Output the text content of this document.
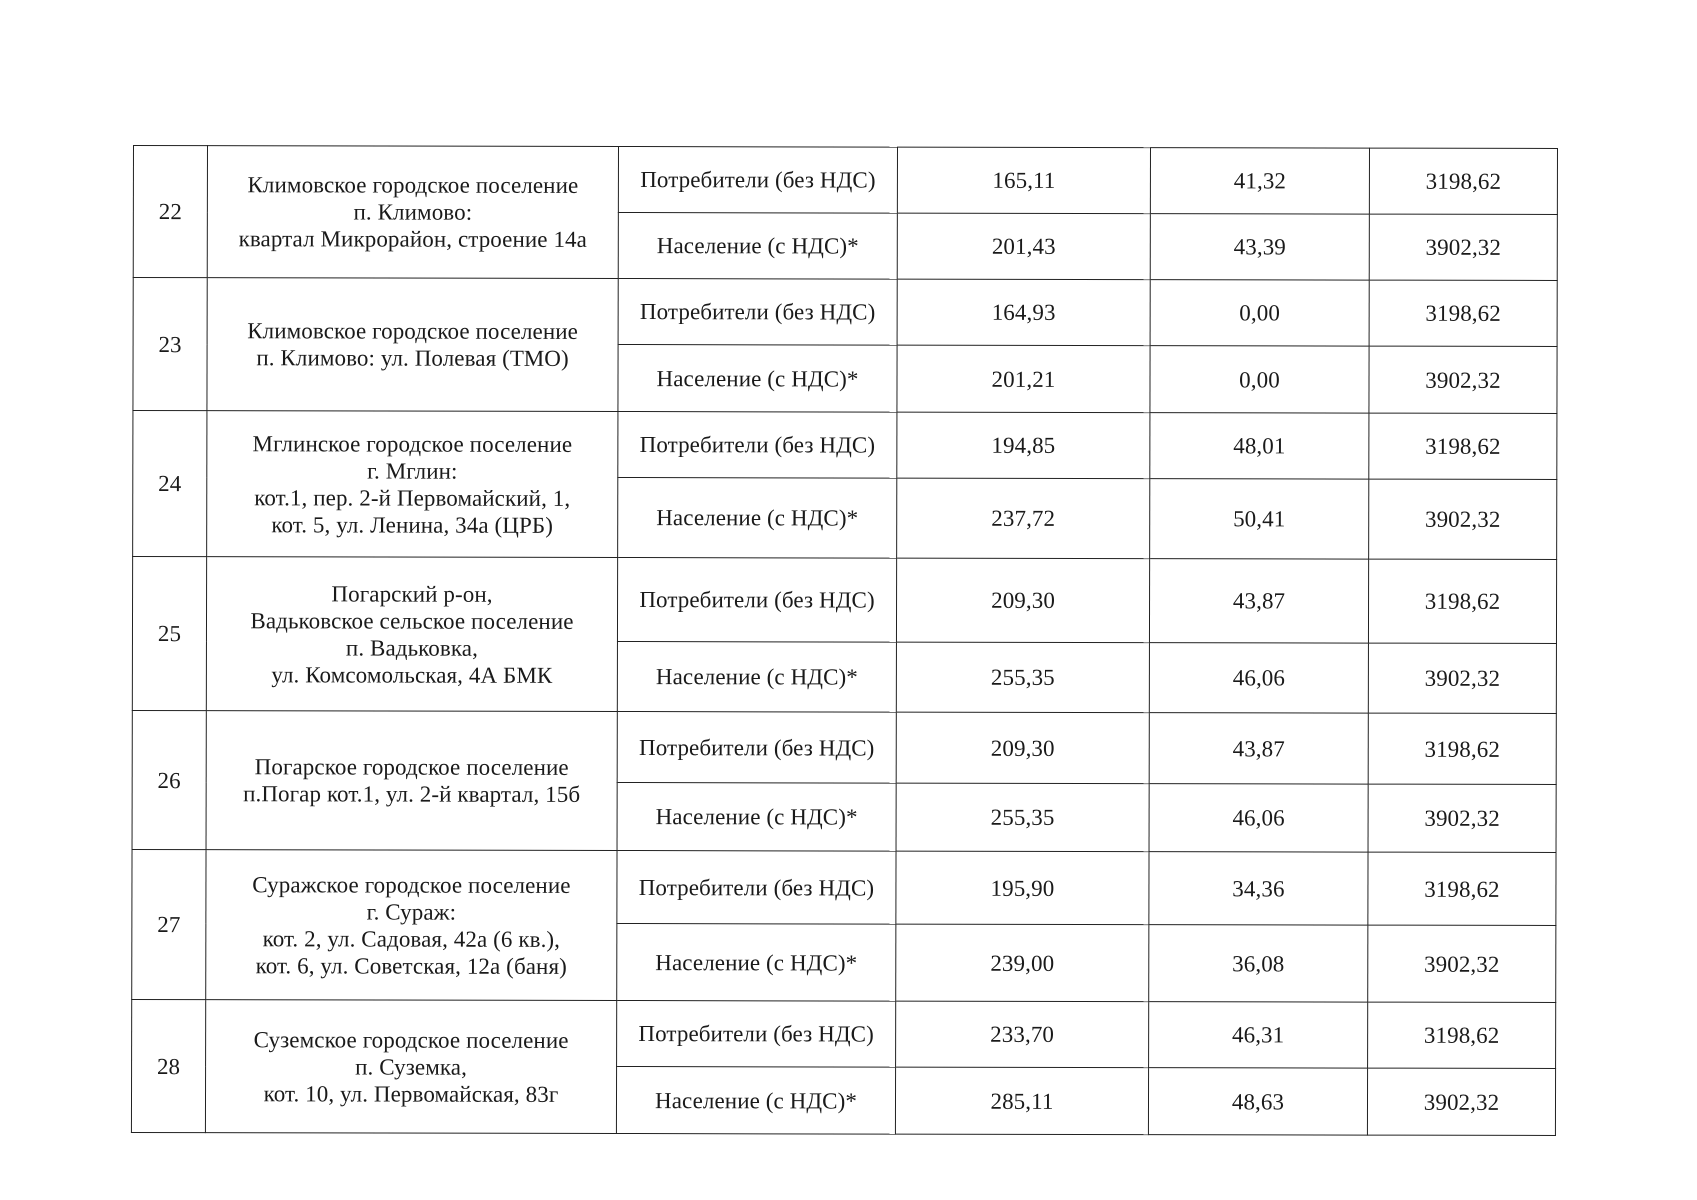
22	Климовское городское поселение
п. Климово:
квартал Микрорайон, строение 14а	Потребители (без НДС)	165,11	41,32	3198,62
		Население (с НДС)*	201,43	43,39	3902,32
23	Климовское городское поселение
п. Климово: ул. Полевая (ТМО)	Потребители (без НДС)	164,93	0,00	3198,62
		Население (с НДС)*	201,21	0,00	3902,32
24	Мглинское городское поселение
г. Мглин:
кот.1, пер. 2-й Первомайский, 1,
кот. 5, ул. Ленина, 34а (ЦРБ)	Потребители (без НДС)	194,85	48,01	3198,62
		Население (с НДС)*	237,72	50,41	3902,32
25	Погарский р-он,
Вадьковское сельское поселение
п. Вадьковка,
ул. Комсомольская, 4А БМК	Потребители (без НДС)	209,30	43,87	3198,62
		Население (с НДС)*	255,35	46,06	3902,32
26	Погарское городское поселение
п.Погар кот.1, ул. 2-й квартал, 15б	Потребители (без НДС)	209,30	43,87	3198,62
		Население (с НДС)*	255,35	46,06	3902,32
27	Суражское городское поселение
г. Сураж:
кот. 2, ул. Садовая, 42а (6 кв.),
кот. 6, ул. Советская, 12а (баня)	Потребители (без НДС)	195,90	34,36	3198,62
		Население (с НДС)*	239,00	36,08	3902,32
28	Суземское городское поселение
п. Суземка,
кот. 10, ул. Первомайская, 83г	Потребители (без НДС)	233,70	46,31	3198,62
		Население (с НДС)*	285,11	48,63	3902,32
